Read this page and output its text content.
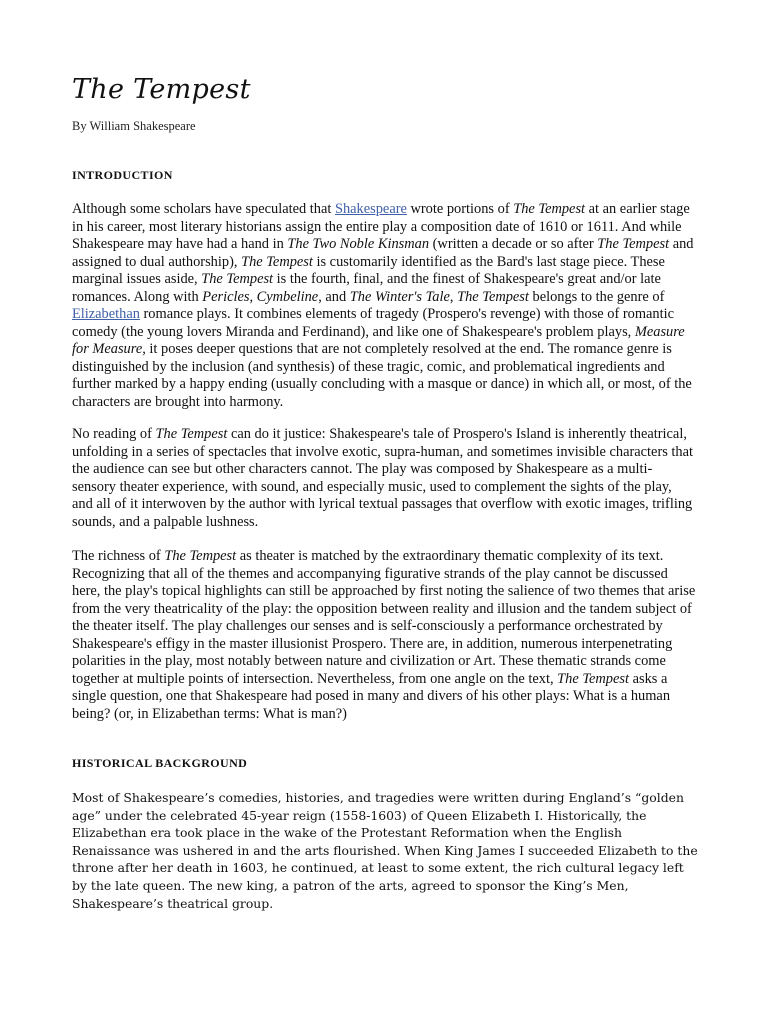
The Tempest
By William Shakespeare
INTRODUCTION

Although some scholars have speculated that Shakespeare wrote portions of The Tempest at an earlier stage in his career, most literary historians assign the entire play a composition date of 1610 or 1611. And while Shakespeare may have had a hand in The Two Noble Kinsman (written a decade or so after The Tempest and assigned to dual authorship), The Tempest is customarily identified as the Bard's last stage piece. These marginal issues aside, The Tempest is the fourth, final, and the finest of Shakespeare's great and/or late romances. Along with Pericles, Cymbeline, and The Winter's Tale, The Tempest belongs to the genre of Elizabethan romance plays. It combines elements of tragedy (Prospero's revenge) with those of romantic comedy (the young lovers Miranda and Ferdinand), and like one of Shakespeare's problem plays, Measure for Measure, it poses deeper questions that are not completely resolved at the end. The romance genre is distinguished by the inclusion (and synthesis) of these tragic, comic, and problematical ingredients and further marked by a happy ending (usually concluding with a masque or dance) in which all, or most, of the characters are brought into harmony.

No reading of The Tempest can do it justice: Shakespeare's tale of Prospero's Island is inherently theatrical, unfolding in a series of spectacles that involve exotic, supra-human, and sometimes invisible characters that the audience can see but other characters cannot. The play was composed by Shakespeare as a multi-sensory theater experience, with sound, and especially music, used to complement the sights of the play, and all of it interwoven by the author with lyrical textual passages that overflow with exotic images, trifling sounds, and a palpable lushness.

The richness of The Tempest as theater is matched by the extraordinary thematic complexity of its text. Recognizing that all of the themes and accompanying figurative strands of the play cannot be discussed here, the play's topical highlights can still be approached by first noting the salience of two themes that arise from the very theatricality of the play: the opposition between reality and illusion and the tandem subject of the theater itself. The play challenges our senses and is self-consciously a performance orchestrated by Shakespeare's effigy in the master illusionist Prospero. There are, in addition, numerous interpenetrating polarities in the play, most notably between nature and civilization or Art. These thematic strands come together at multiple points of intersection. Nevertheless, from one angle on the text, The Tempest asks a single question, one that Shakespeare had posed in many and divers of his other plays: What is a human being? (or, in Elizabethan terms: What is man?)

HISTORICAL BACKGROUND

Most of Shakespeare’s comedies, histories, and tragedies were written during England’s “golden age” under the celebrated 45-year reign (1558-1603) of Queen Elizabeth I. Historically, the Elizabethan era took place in the wake of the Protestant Reformation when the English Renaissance was ushered in and the arts flourished. When King James I succeeded Elizabeth to the throne after her death in 1603, he continued, at least to some extent, the rich cultural legacy left by the late queen. The new king, a patron of the arts, agreed to sponsor the King’s Men, Shakespeare’s theatrical group.
